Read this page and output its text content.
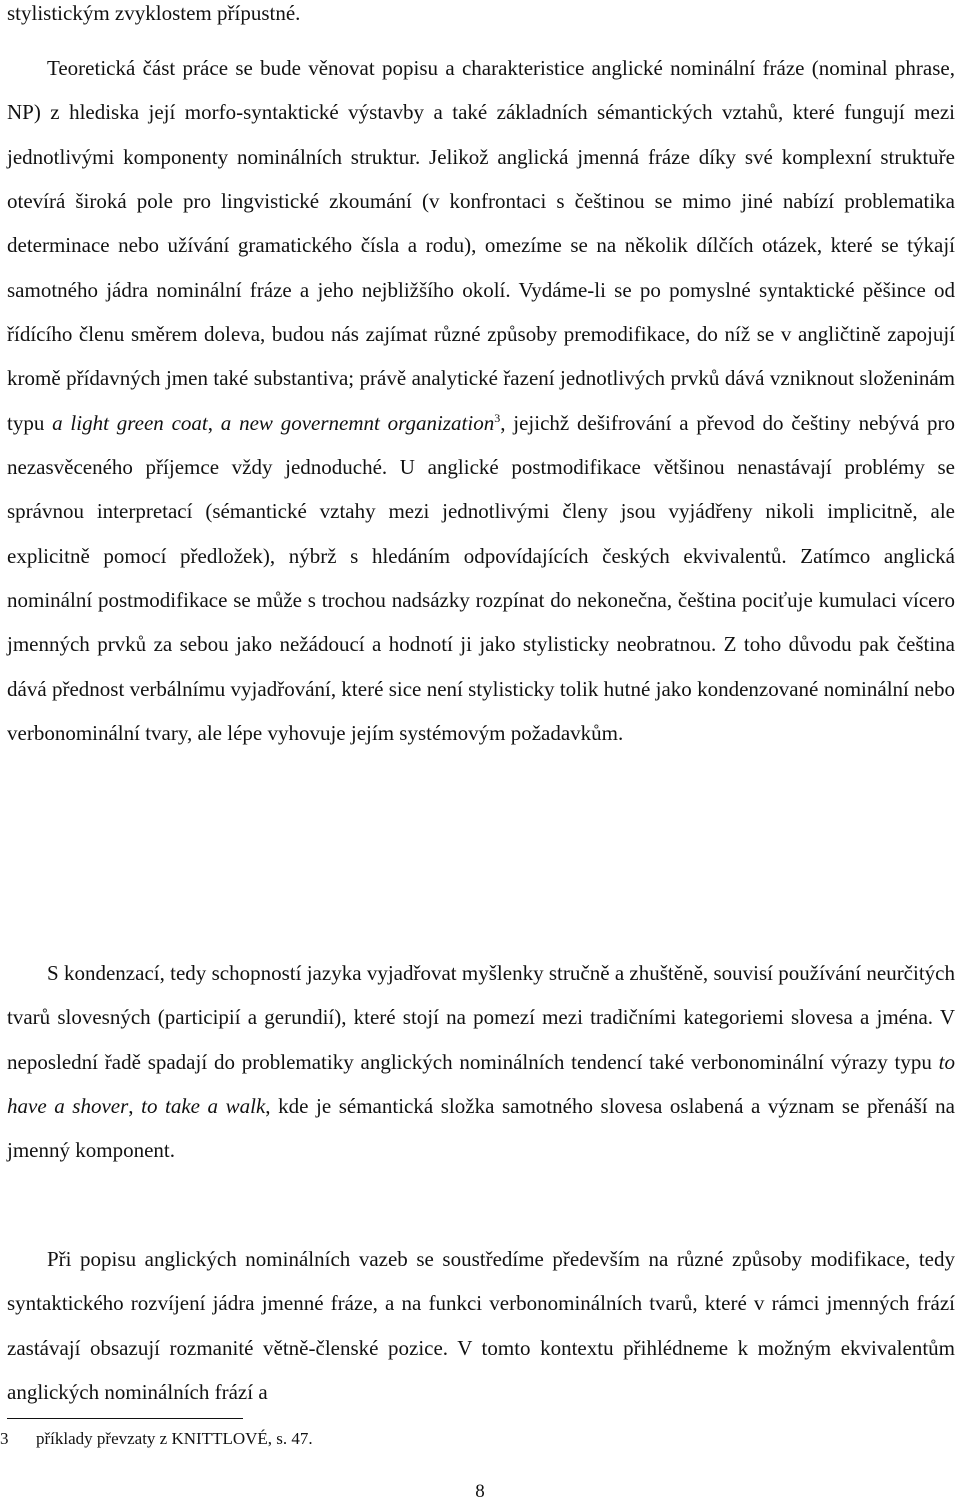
stylistickým zvyklostem přípustné.

Teoretická část práce se bude věnovat popisu a charakteristice anglické nominální fráze (nominal phrase, NP) z hlediska její morfo-syntaktické výstavby a také základních sémantických vztahů, které fungují mezi jednotlivými komponenty nominálních struktur. Jelikož anglická jmenná fráze díky své komplexní struktuře otevírá široká pole pro lingvistické zkoumání (v konfrontaci s češtinou se mimo jiné nabízí problematika determinace nebo užívání gramatického čísla a rodu), omezíme se na několik dílčích otázek, které se týkají samotného jádra nominální fráze a jeho nejbližšího okolí. Vydáme-li se po pomyslné syntaktické pěšince od řídícího členu směrem doleva, budou nás zajímat různé způsoby premodifikace, do níž se v angličtině zapojují kromě přídavných jmen také substantiva; právě analytické řazení jednotlivých prvků dává vzniknout složeninám typu a light green coat, a new governemnt organization$^3$, jejichž dešifrování a převod do češtiny nebývá pro nezasvěceného příjemce vždy jednoduché. U anglické postmodifikace většinou nenastávají problémy se správnou interpretací (sémantické vztahy mezi jednotlivými členy jsou vyjádřeny nikoli implicitně, ale explicitně pomocí předložek), nýbrž s hledáním odpovídajících českých ekvivalentů. Zatímco anglická nominální postmodifikace se může s trochou nadsázky rozpínat do nekonečna, čeština pociťuje kumulaci vícero jmenných prvků za sebou jako nežádoucí a hodnotí ji jako stylisticky neobratnou. Z toho důvodu pak čeština dává přednost verbálnímu vyjadřování, které sice není stylisticky tolik hutné jako kondenzované nominální nebo verbonominální tvary, ale lépe vyhovuje jejím systémovým požadavkům.

S kondenzací, tedy schopností jazyka vyjadřovat myšlenky stručně a zhuštěně, souvisí používání neurčitých tvarů slovesných (participií a gerundií), které stojí na pomezí mezi tradičními kategoriemi slovesa a jména. V neposlední řadě spadají do problematiky anglických nominálních tendencí také verbonominální výrazy typu to have a shover, to take a walk, kde je sémantická složka samotného slovesa oslabená a význam se přenáší na jmenný komponent.

Při popisu anglických nominálních vazeb se soustředíme především na různé způsoby modifikace, tedy syntaktického rozvíjení jádra jmenné fráze, a na funkci verbonominálních tvarů, které v rámci jmenných frází zastávají obsazují rozmanité větně-členské pozice. V tomto kontextu přihlédneme k možným ekvivalentům anglických nominálních frází a

3 příklady převzaty z KNITTLOVÉ, s. 47.
8
